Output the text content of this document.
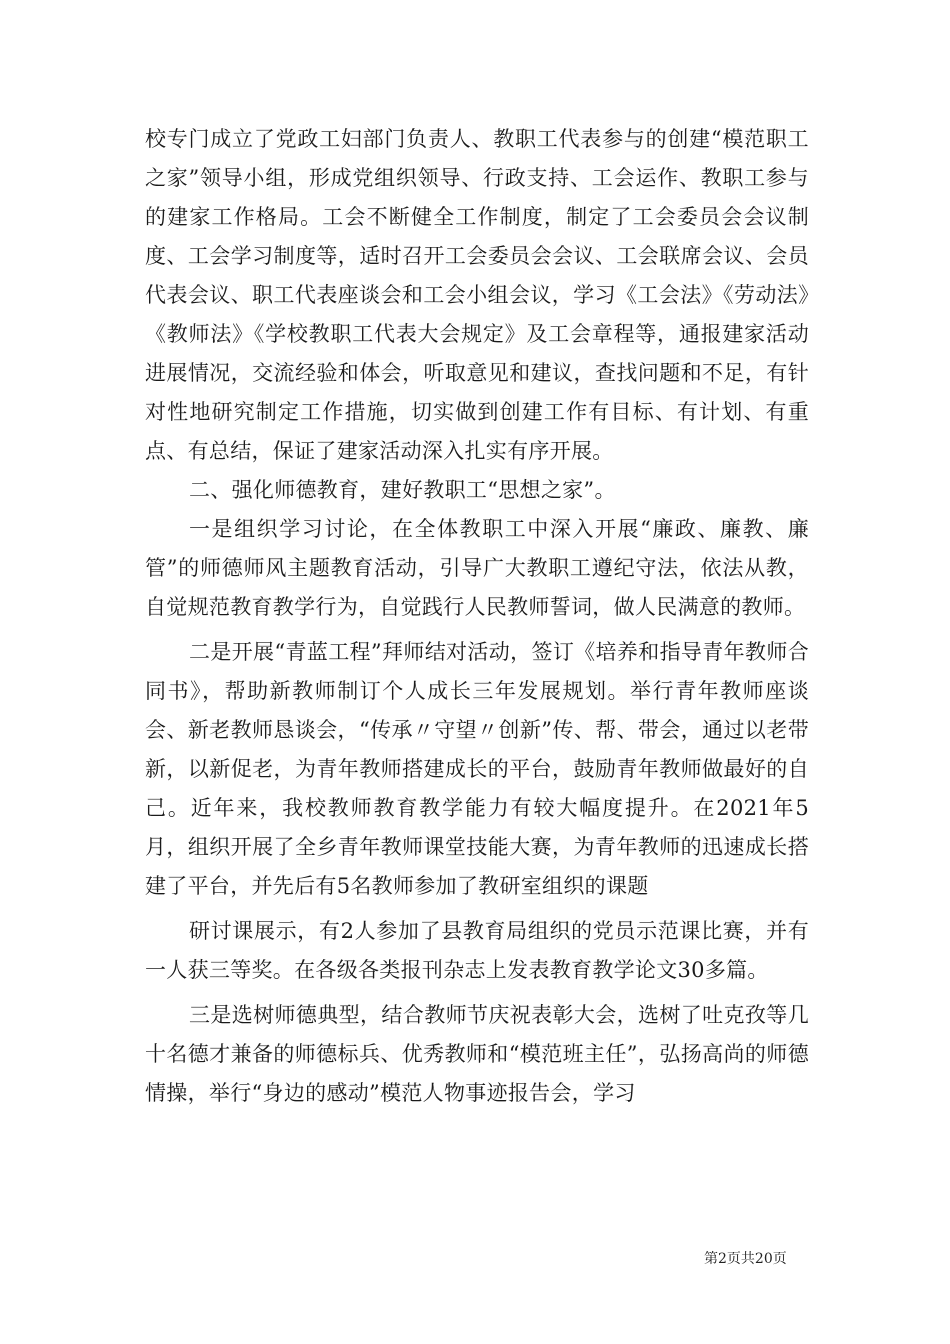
校专门成立了党政工妇部门负责人、教职工代表参与的创建“模范职工之家”领导小组，形成党组织领导、行政支持、工会运作、教职工参与的建家工作格局。工会不断健全工作制度，制定了工会委员会会议制度、工会学习制度等，适时召开工会委员会会议、工会联席会议、会员代表会议、职工代表座谈会和工会小组会议，学习《工会法》《劳动法》《教师法》《学校教职工代表大会规定》及工会章程等，通报建家活动进展情况，交流经验和体会，听取意见和建议，查找问题和不足，有针对性地研究制定工作措施，切实做到创建工作有目标、有计划、有重点、有总结，保证了建家活动深入扎实有序开展。

二、强化师德教育，建好教职工“思想之家”。

一是组织学习讨论，在全体教职工中深入开展“廉政、廉教、廉管”的师德师风主题教育活动，引导广大教职工遵纪守法，依法从教，自觉规范教育教学行为，自觉践行人民教师誓词，做人民满意的教师。

二是开展“青蓝工程”拜师结对活动，签订《培养和指导青年教师合同书》，帮助新教师制订个人成长三年发展规划。举行青年教师座谈会、新老教师恳谈会，“传承〃守望〃创新”传、帮、带会，通过以老带新，以新促老，为青年教师搭建成长的平台，鼓励青年教师做最好的自己。近年来，我校教师教育教学能力有较大幅度提升。在2021年5月，组织开展了全乡青年教师课堂技能大赛，为青年教师的迅速成长搭建了平台，并先后有5名教师参加了教研室组织的课题

研讨课展示，有2人参加了县教育局组织的党员示范课比赛，并有一人获三等奖。在各级各类报刊杂志上发表教育教学论文30多篇。

三是选树师德典型，结合教师节庆祝表彰大会，选树了吐克孜等几十名德才兼备的师德标兵、优秀教师和“模范班主任”，弘扬高尚的师德情操，举行“身边的感动”模范人物事迹报告会，学习

第2页共20页
